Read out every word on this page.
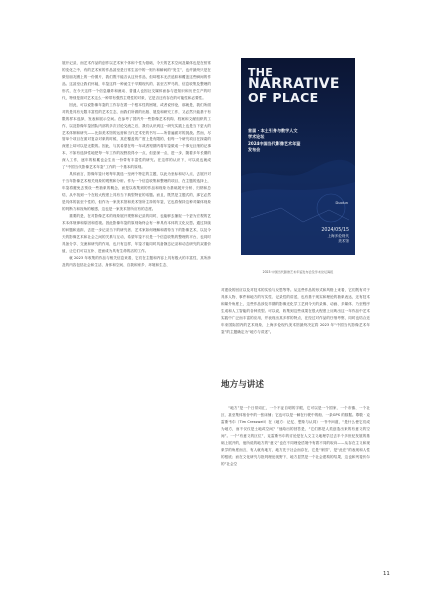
展开记录，而艺术作品的创作以艺术家个体和个性为基础，今天的艺术空间及媒体也是在恒常的变化之中，有的艺术家的作品甚至是日常生活中的一则片和瞬间的“发生”，也许最终只是在微信朋友圈上的一份图片，我们既不能否认这份作品，但却根本无法追踪和覆盖这些瞬间的作品。这甚至让我们怀疑，年鉴这样一种诞生于早期现代的、甚至古罗马的，信息收集及整理的形式，在今天这样一个信息爆炸和流动、普通人也因社交媒体而参与进知识和历史生产的时代，特别是面对艺术这么一种带有强烈主观性的对象，它是否还有存在的可能性和必要性。

因此，可以说影像年鉴的工作存在着一个根本性的困境，或者说悖论，那就是，我们所面对的是具有无限丰富性的艺术生态，而我们所做的出版、展览和研究工作，又必然只能基于有限的样本选择，发表和展示空间。在参考了国内外一些影像艺术机构、档案和文献组织的工作，以及影像年鉴团队内部的多次讨论交流之后，我们认识到这一研究实践上也是当下更大的艺术体制和研究——比如美术馆的运营和当代艺术史的书写——所普遍面对的挑战。然而，尽管单个项目在面对复杂对象的时候，其在覆盖的广度上是有限的，但每一个研究项目在探索的深度上却可以是无限的。因此，与其希望在每一年或者短期内将年鉴做成一个事无巨细的记事本，不如有选择性地把每一年工作的视野放得小一点，但更深一点，进一步，随着多年长期的深入工作，逐年的积累也会生出一份带有丰富性的研究。在这样的认识下，可以说也就成了“中国当代影像艺术年鉴”工作的一个基本的原则。

具体而言，影像年鉴计划每年挑选一至两个特定的主题，以此为坐标和切入点，去展开对于当年影像艺术相关现象的观察和分析。作为一个信息收集和整理的项目，在主题的选择上，年鉴将避免去预设一些抽象的概念，而是以收集到的作品和现象为基础展开分析、归纳和总结，从中找到一个在较大程度上具有当下典型特征的话题。而且，既然是主题式的，那它必然是具体的甚至个性的，但作为一家美术馆和美术馆所主持的年鉴，它也将保持这种对媒体现象的判断力和视角的敏感，这也是一家美术馆所应有的态度。

重要的是，在对影像艺术的现象展开观察和记录的同时，也能够去捕捉一个更为宏观的艺术本体规律和原因和语境。因此影像年鉴的原则始终会有一种具有本体的文化反思。通过持续的问题和追踪，去进一步记录当下的研究者、艺术家如何理解和看待当下的影像艺术，以及今天的影像艺术和社会之间的关系与互动，希望年鉴不仅是一个信息收集的整理的平台，也同时具备分享、交流和研究的作用，也只有这样，年鉴才能同时具备静态记录和动态研究的双重价值，让它们可以互补、进而成为具有生命的活的工作。

就 2023 年收集的作品与相关信息来看，它们在主题和内容上具有极大的丰富性，其所涉及的内容包括社会和生活、身体和空间、自我和家乡、环境和生态、

THE
NARRATIVE
OF PLACE
首届 · 本土引身与数字人文
学术论坛
2024中国当代影像艺术年鉴
发布会
Duolun
2024/05/15
上海多伦现代
美术馆

2023 中国当代影像艺术年鉴发布会及学术论坛海报

对建设的回应以及对技术的实验与反思等等。从这些作品的形式和风格上来看，它们既有对于具体人物、事件和地方的写实性、记录性的讲述，也有基于现实和理论的抽象表达，还有技术和媒介角度上，这些作品涉及早期的影像光化学工艺到今天的录像、动画、多媒体、乃至程序生成和人工智能的各种类型。可以说，收集到这些成果在很大程度上反映出这一年作品中艺术实践中广泛而丰富的应用，并表现出其多样的特点，在经过对作品的仔细考察，同时也结合近年来国际国内的艺术现象，上海多伦现代美术馆最终决定将 2023 年“中国当代影像艺术年鉴”的主题确定为“地方与讲述”。

地方与讲述

“地方”是一个日常词汇，一个不证自明的字眼，它可以是一个国家、一个市镇、一个社区、甚至集体宿舍中的一张床铺；它也可以是一瞬在行驶中的船、一条GPS 的数据。尊敬 · 克雷斯韦尔（Tim Cresswell）在《地方：记忆、想象与认同》一书中问道，“是什么使它们成为地方，而不仅仅是土地或空间？”他给出的回答是，“它们都是人类创造出来的有意义的空间”。一个“有意义的区位”，克雷斯韦尔的讨论是在人文主义地理学过去半个多世纪发展的基础上展开的，他所说的地方的“意义”也在不同理论语境中有着不同的取向——从存在主义和现象学的角度而言，有人就有地方，地方先于社会而存在，它是“家园”，是“此在”的表现和人性的根底；而在文化研究与批判理论视野下，地方显然是一个社会建构的结果，这也和列斐伏尔的“社会空

11
